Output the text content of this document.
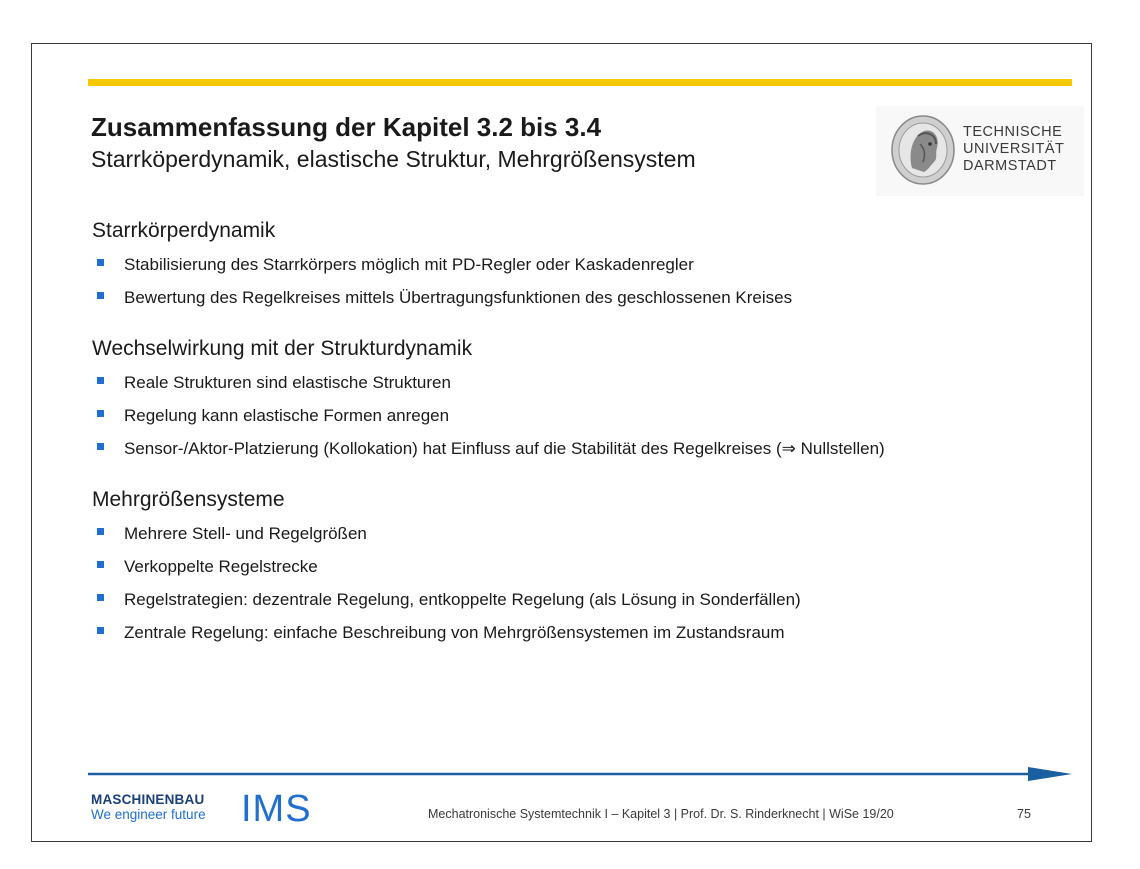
Zusammenfassung der Kapitel 3.2 bis 3.4

Starrköperdynamik, elastische Struktur, Mehrgrößensystem

TECHNISCHE
UNIVERSITÄT
DARMSTADT
Starrkörperdynamik
Stabilisierung des Starrkörpers möglich mit PD-Regler oder Kaskadenregler
Bewertung des Regelkreises mittels Übertragungsfunktionen des geschlossenen Kreises
Wechselwirkung mit der Strukturdynamik
Reale Strukturen sind elastische Strukturen
Regelung kann elastische Formen anregen
Sensor-/Aktor-Platzierung (Kollokation) hat Einfluss auf die Stabilität des Regelkreises (⇒ Nullstellen)
Mehrgrößensysteme
Mehrere Stell- und Regelgrößen
Verkoppelte Regelstrecke
Regelstrategien: dezentrale Regelung, entkoppelte Regelung (als Lösung in Sonderfällen)
Zentrale Regelung: einfache Beschreibung von Mehrgrößensystemen im Zustandsraum
MASCHINENBAU
We engineer future IMS	Mechatronische Systemtechnik I – Kapitel 3 | Prof. Dr. S. Rinderknecht | WiSe 19/20	75
